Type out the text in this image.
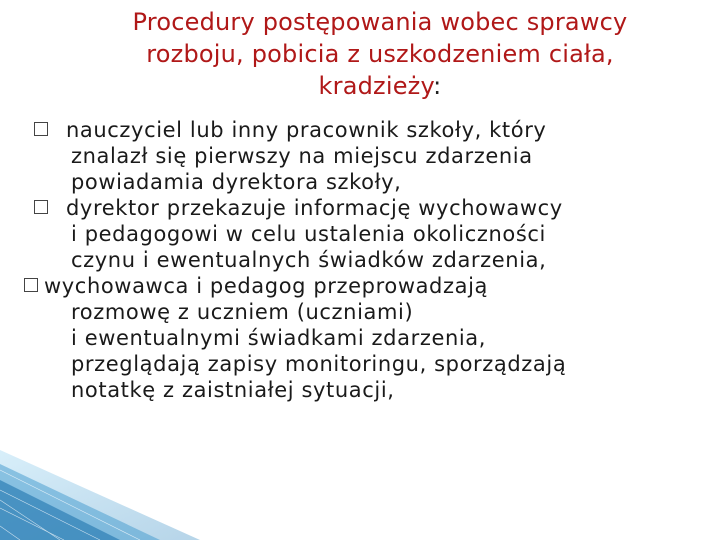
Procedury postępowania wobec sprawcy
rozboju, pobicia z uszkodzeniem ciała,
kradzieży:

nauczyciel lub inny pracownik szkoły, który

znalazł się pierwszy na miejscu zdarzenia

powiadamia dyrektora szkoły,

dyrektor przekazuje informację wychowawcy

i pedagogowi w celu ustalenia okoliczności

czynu i ewentualnych świadków zdarzenia,

wychowawca i pedagog przeprowadzają

rozmowę z uczniem (uczniami)

i ewentualnymi świadkami zdarzenia,

przeglądają zapisy monitoringu, sporządzają

notatkę z zaistniałej sytuacji,
